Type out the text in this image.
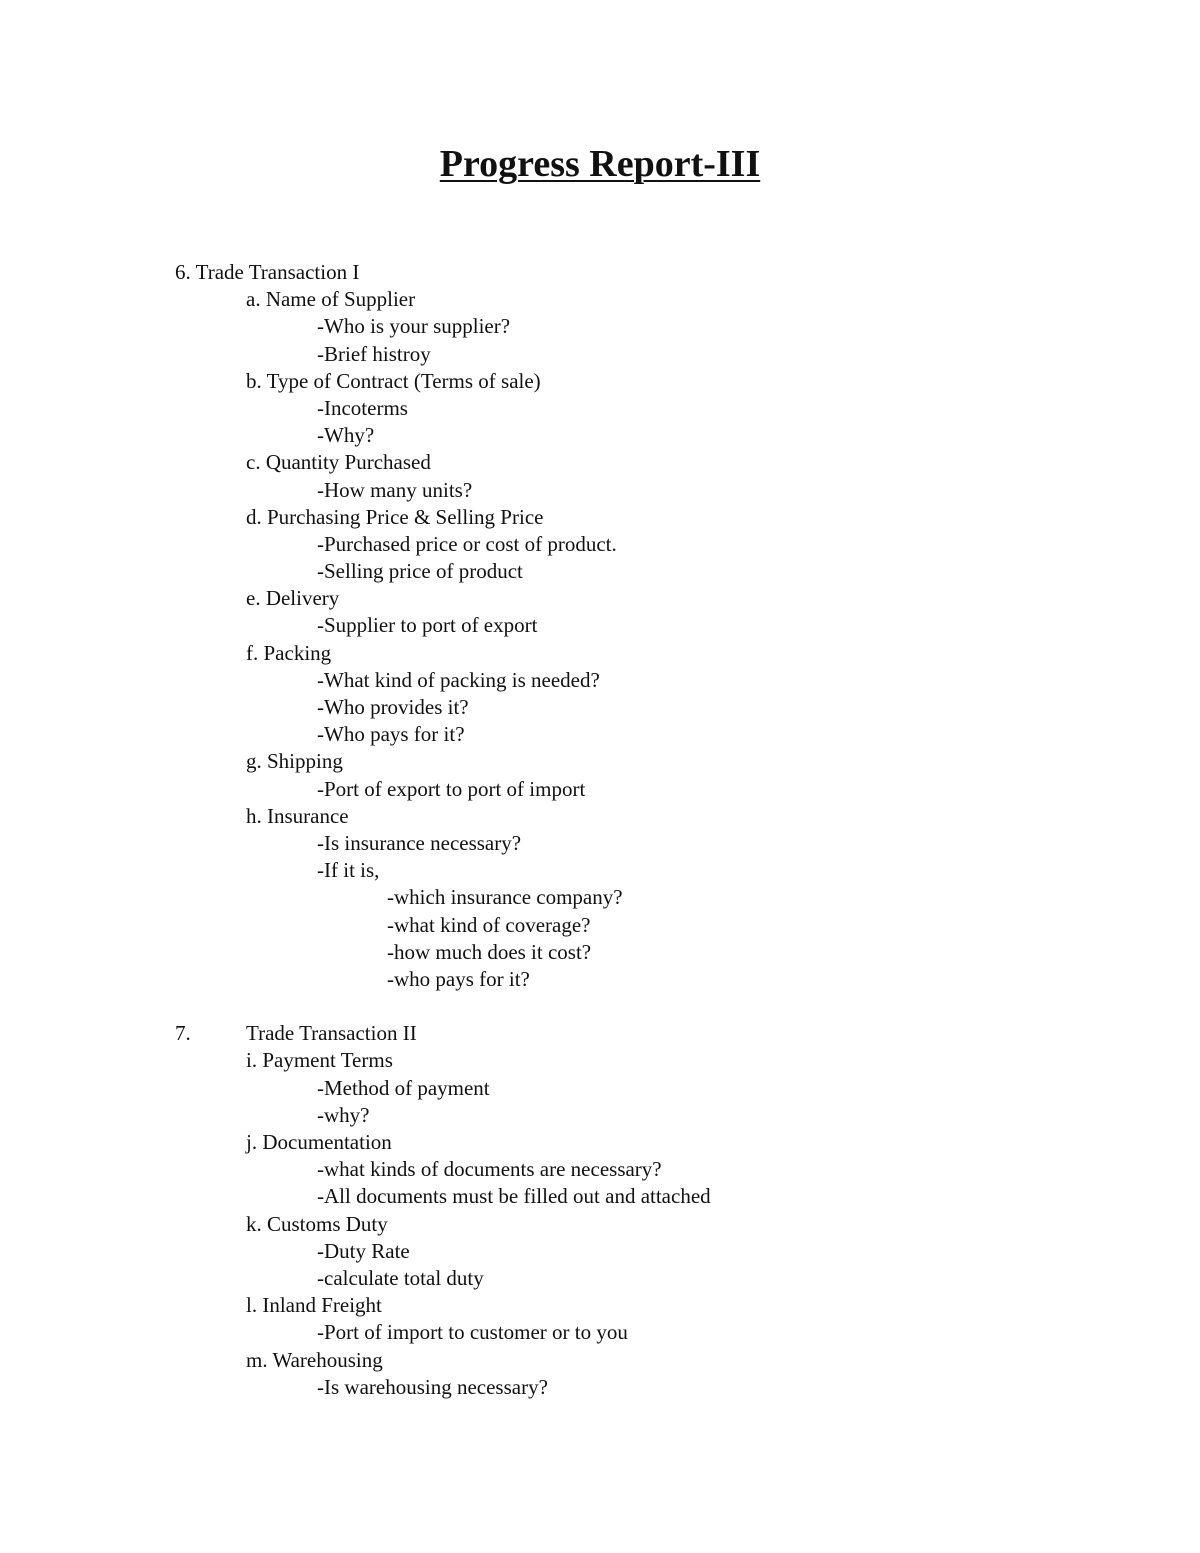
Progress Report-III
6. Trade Transaction I
a. Name of Supplier
-Who is your supplier?
-Brief histroy
b. Type of Contract (Terms of sale)
-Incoterms
-Why?
c. Quantity Purchased
-How many units?
d. Purchasing Price & Selling Price
-Purchased price or cost of product.
-Selling price of product
e. Delivery
-Supplier to port of export
f. Packing
-What kind of packing is needed?
-Who provides it?
-Who pays for it?
g. Shipping
-Port of export to port of import
h. Insurance
-Is insurance necessary?
-If it is,
-which insurance company?
-what kind of coverage?
-how much does it cost?
-who pays for it?
7.	Trade Transaction II
i. Payment Terms
-Method of payment
-why?
j. Documentation
-what kinds of documents are necessary?
-All documents must be filled out and attached
k. Customs Duty
-Duty Rate
-calculate total duty
l. Inland Freight
-Port of import to customer or to you
m. Warehousing
-Is warehousing necessary?
